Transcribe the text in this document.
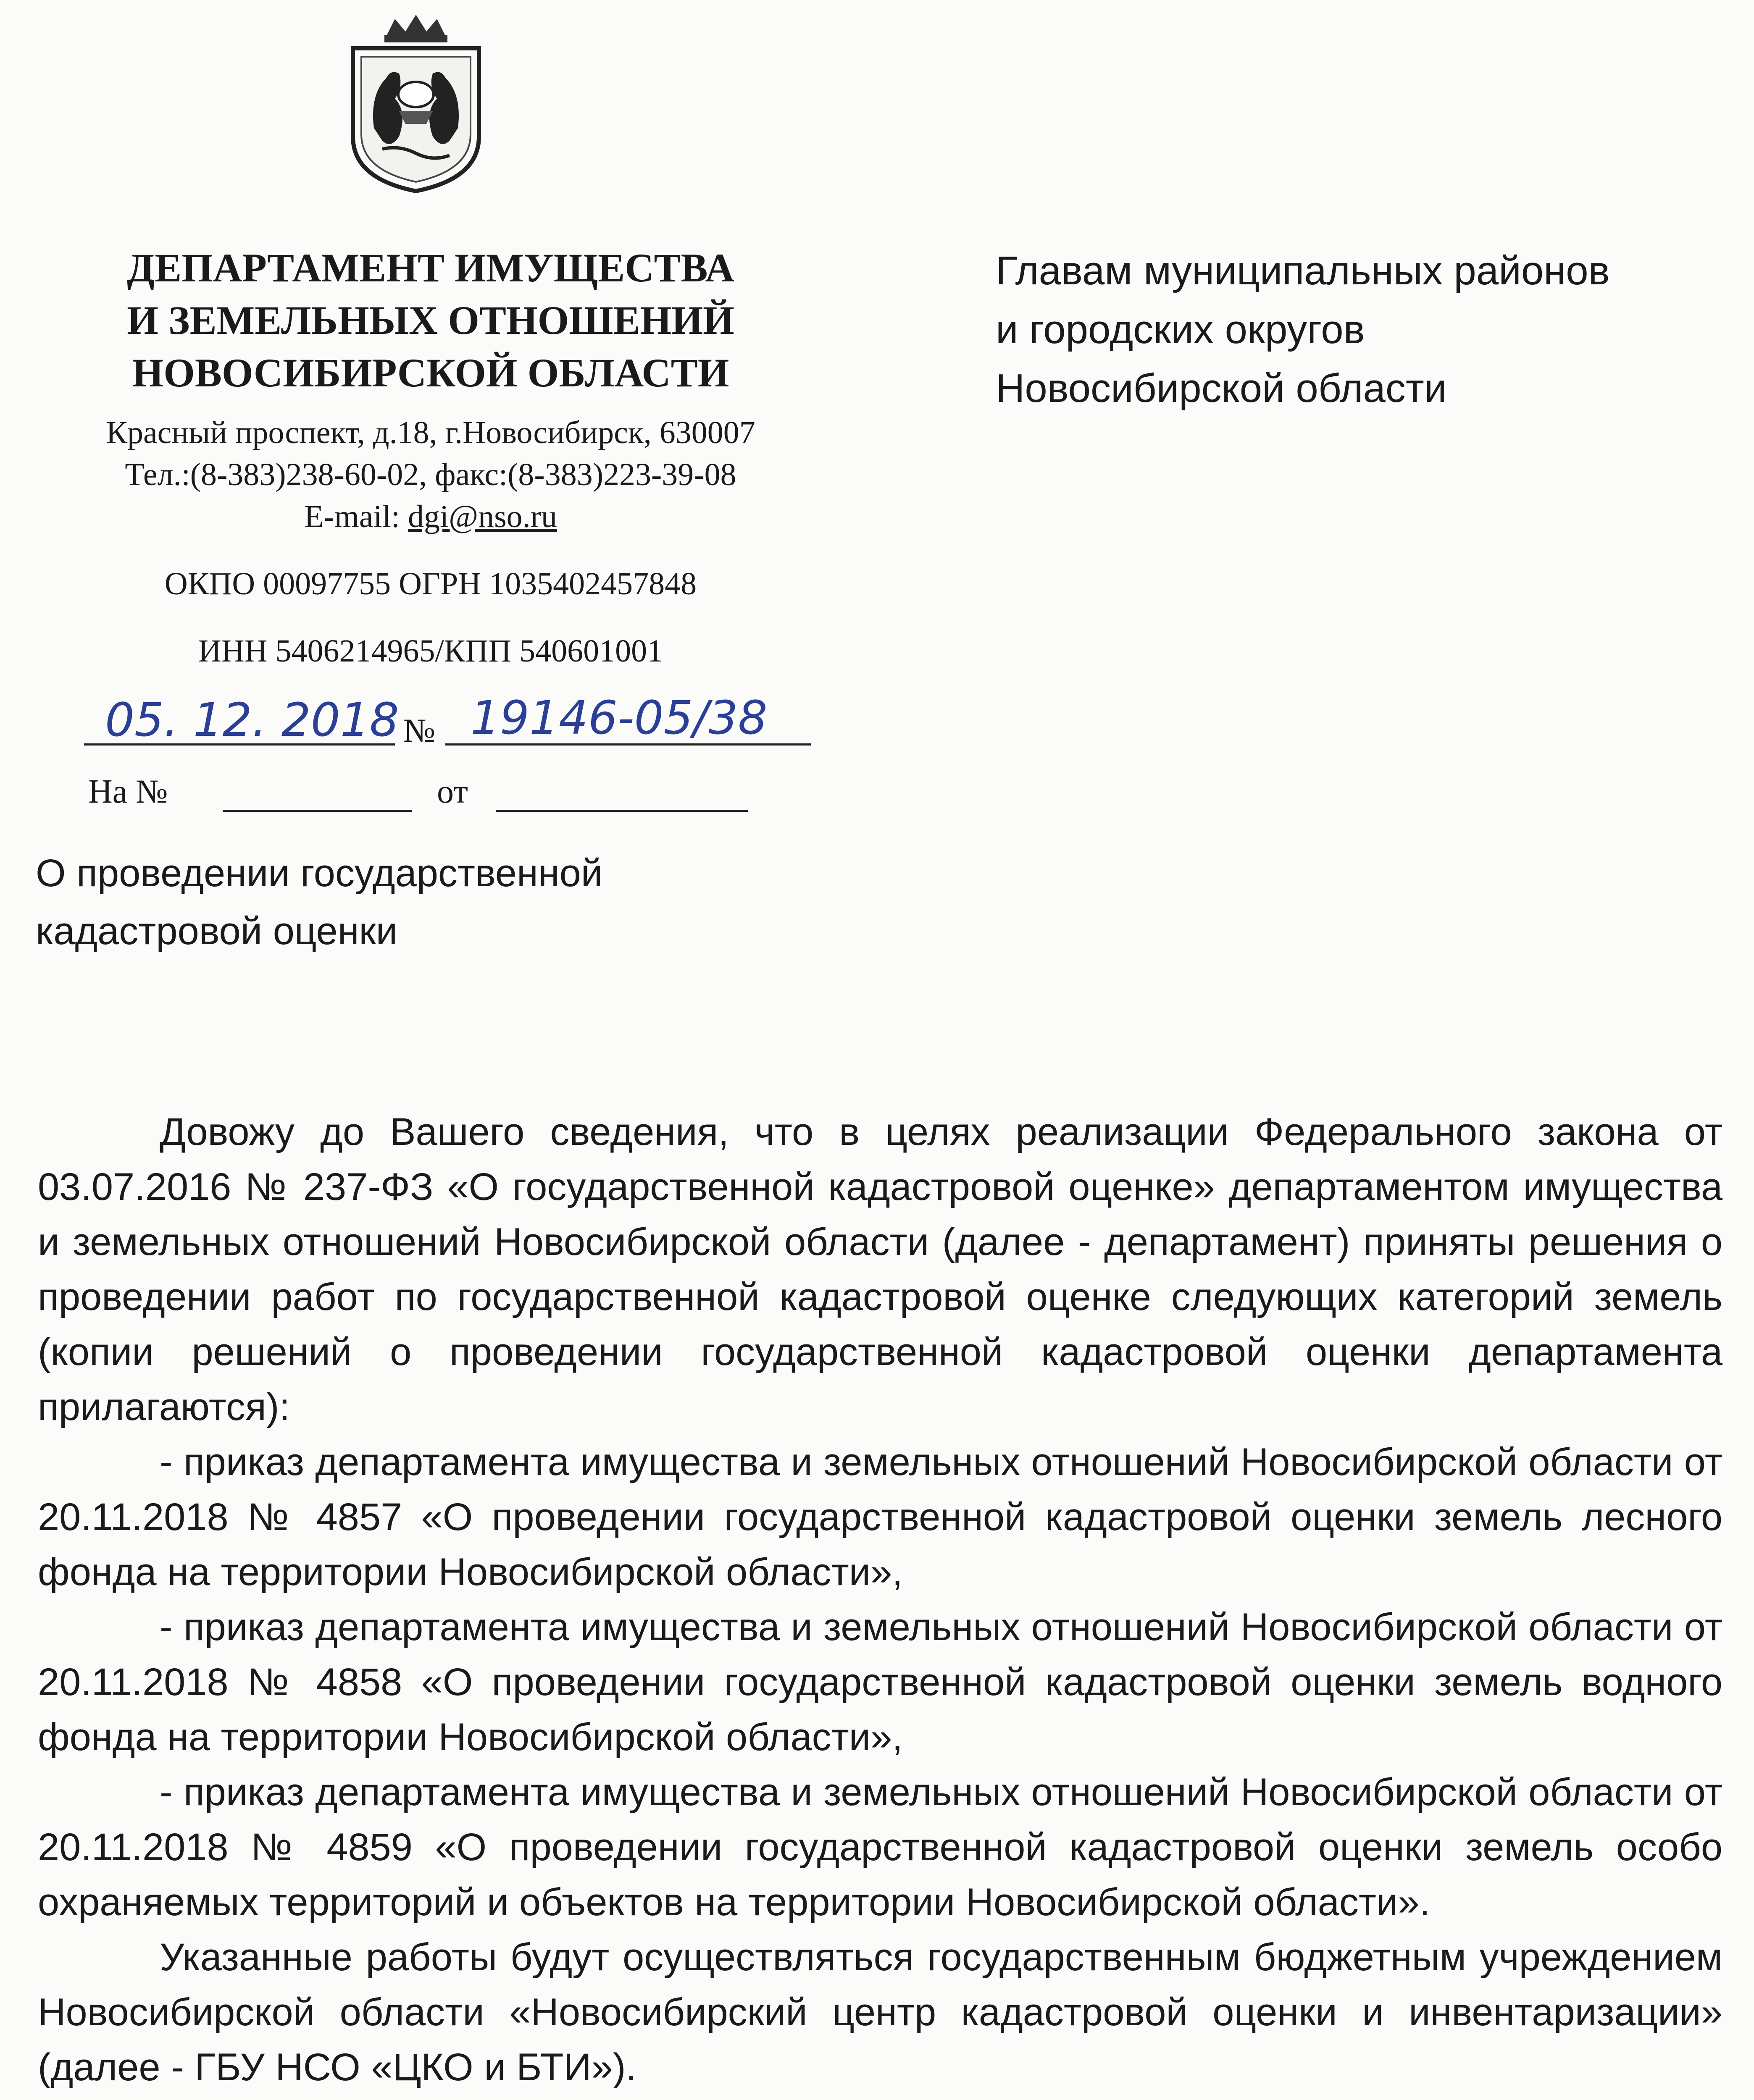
ДЕПАРТАМЕНТ ИМУЩЕСТВА
И ЗЕМЕЛЬНЫХ ОТНОШЕНИЙ
НОВОСИБИРСКОЙ ОБЛАСТИ
Красный проспект, д.18, г.Новосибирск, 630007
Тел.:(8-383)238-60-02, факс:(8-383)223-39-08
E-mail: dgi@nso.ru
ОКПО 00097755 ОГРН 1035402457848
ИНН 5406214965/КПП 540601001
05. 12. 2018 № 19146-05/38
На №	от
О проведении государственной
кадастровой оценки
Главам муниципальных районов
и городских округов
Новосибирской области

Довожу до Вашего сведения, что в целях реализации Федерального закона от 03.07.2016 № 237-ФЗ «О государственной кадастровой оценке» департаментом имущества и земельных отношений Новосибирской области (далее - департамент) приняты решения о проведении работ по государственной кадастровой оценке следующих категорий земель (копии решений о проведении государственной кадастровой оценки департамента прилагаются):

- приказ департамента имущества и земельных отношений Новосибирской области от 20.11.2018 № 4857 «О проведении государственной кадастровой оценки земель лесного фонда на территории Новосибирской области»,

- приказ департамента имущества и земельных отношений Новосибирской области от 20.11.2018 № 4858 «О проведении государственной кадастровой оценки земель водного фонда на территории Новосибирской области»,

- приказ департамента имущества и земельных отношений Новосибирской области от 20.11.2018 № 4859 «О проведении государственной кадастровой оценки земель особо охраняемых территорий и объектов на территории Новосибирской области».

Указанные работы будут осуществляться государственным бюджетным учреждением Новосибирской области «Новосибирский центр кадастровой оценки и инвентаризации» (далее - ГБУ НСО «ЦКО и БТИ»).
